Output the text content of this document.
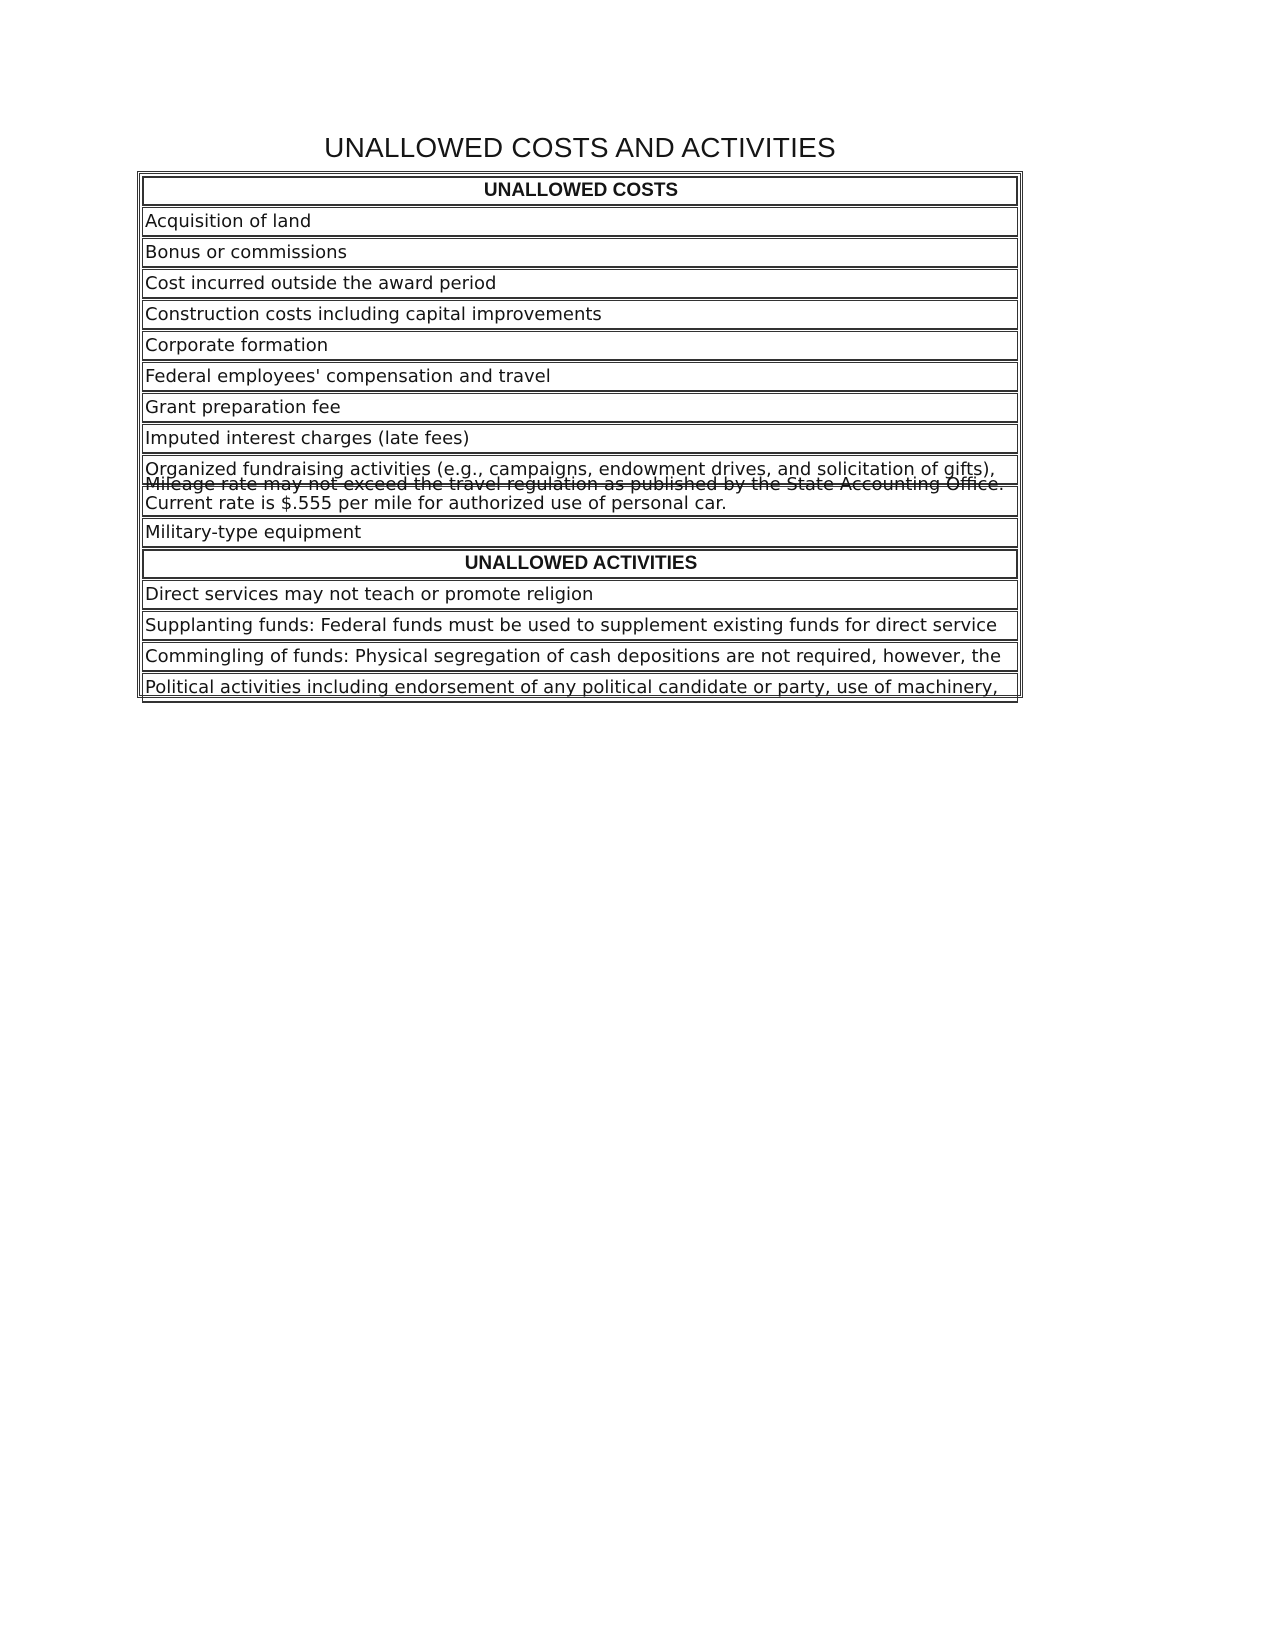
UNALLOWED COSTS AND ACTIVITIES
UNALLOWED COSTS
Acquisition of land
Bonus or commissions
Cost incurred outside the award period
Construction costs including capital improvements
Corporate formation
Federal employees' compensation and travel
Grant preparation fee
Imputed interest charges (late fees)
Organized fundraising activities (e.g., campaigns, endowment drives, and solicitation of gifts),
Mileage rate may not exceed the travel regulation as published by the State Accounting Office.
Current rate is $.555 per mile for authorized use of personal car.
Military-type equipment
UNALLOWED ACTIVITIES
Direct services may not teach or promote religion
Supplanting funds: Federal funds must be used to supplement existing funds for direct service
Commingling of funds: Physical segregation of cash depositions are not required, however, the
Political activities including endorsement of any political candidate or party, use of machinery,
